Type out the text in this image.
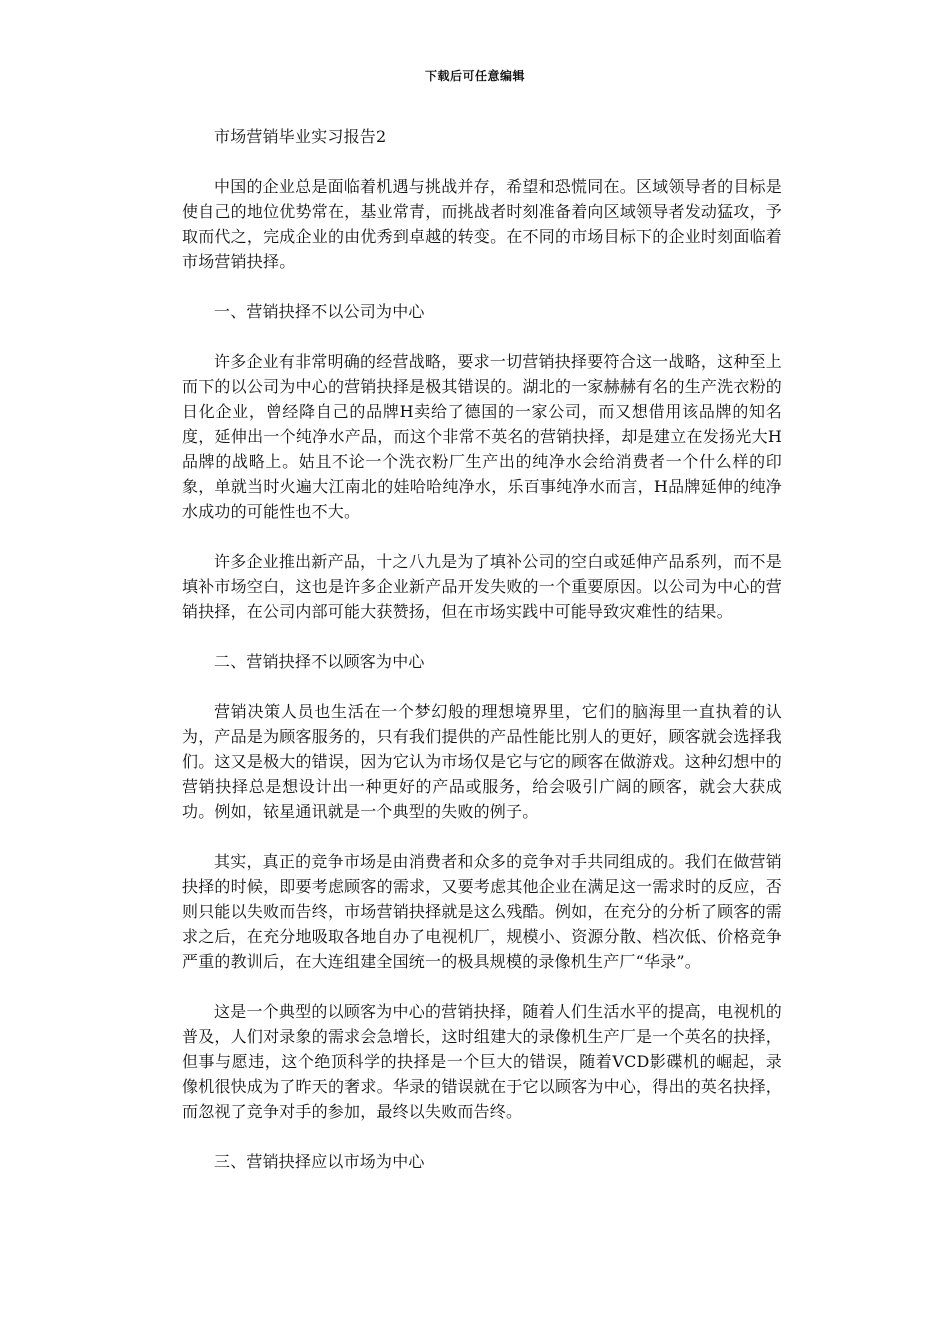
下载后可任意编辑

市场营销毕业实习报告2

中国的企业总是面临着机遇与挑战并存，希望和恐慌同在。区域领导者的目标是使自己的地位优势常在，基业常青，而挑战者时刻准备着向区域领导者发动猛攻，予取而代之，完成企业的由优秀到卓越的转变。在不同的市场目标下的企业时刻面临着市场营销抉择。

一、营销抉择不以公司为中心

许多企业有非常明确的经营战略，要求一切营销抉择要符合这一战略，这种至上而下的以公司为中心的营销抉择是极其错误的。湖北的一家赫赫有名的生产洗衣粉的日化企业，曾经降自己的品牌H卖给了德国的一家公司，而又想借用该品牌的知名度，延伸出一个纯净水产品，而这个非常不英名的营销抉择，却是建立在发扬光大H品牌的战略上。姑且不论一个洗衣粉厂生产出的纯净水会给消费者一个什么样的印象，单就当时火遍大江南北的娃哈哈纯净水，乐百事纯净水而言，H品牌延伸的纯净水成功的可能性也不大。

许多企业推出新产品，十之八九是为了填补公司的空白或延伸产品系列，而不是填补市场空白，这也是许多企业新产品开发失败的一个重要原因。以公司为中心的营销抉择，在公司内部可能大获赞扬，但在市场实践中可能导致灾难性的结果。

二、营销抉择不以顾客为中心

营销决策人员也生活在一个梦幻般的理想境界里，它们的脑海里一直执着的认为，产品是为顾客服务的，只有我们提供的产品性能比别人的更好，顾客就会选择我们。这又是极大的错误，因为它认为市场仅是它与它的顾客在做游戏。这种幻想中的营销抉择总是想设计出一种更好的产品或服务，给会吸引广阔的顾客，就会大获成功。例如，铱星通讯就是一个典型的失败的例子。

其实，真正的竞争市场是由消费者和众多的竞争对手共同组成的。我们在做营销抉择的时候，即要考虑顾客的需求，又要考虑其他企业在满足这一需求时的反应，否则只能以失败而告终，市场营销抉择就是这么残酷。例如，在充分的分析了顾客的需求之后，在充分地吸取各地自办了电视机厂，规模小、资源分散、档次低、价格竞争严重的教训后，在大连组建全国统一的极具规模的录像机生产厂“华录”。

这是一个典型的以顾客为中心的营销抉择，随着人们生活水平的提高，电视机的普及，人们对录象的需求会急增长，这时组建大的录像机生产厂是一个英名的抉择，但事与愿违，这个绝顶科学的抉择是一个巨大的错误，随着VCD影碟机的崛起，录像机很快成为了昨天的奢求。华录的错误就在于它以顾客为中心，得出的英名抉择，而忽视了竞争对手的参加，最终以失败而告终。

三、营销抉择应以市场为中心
